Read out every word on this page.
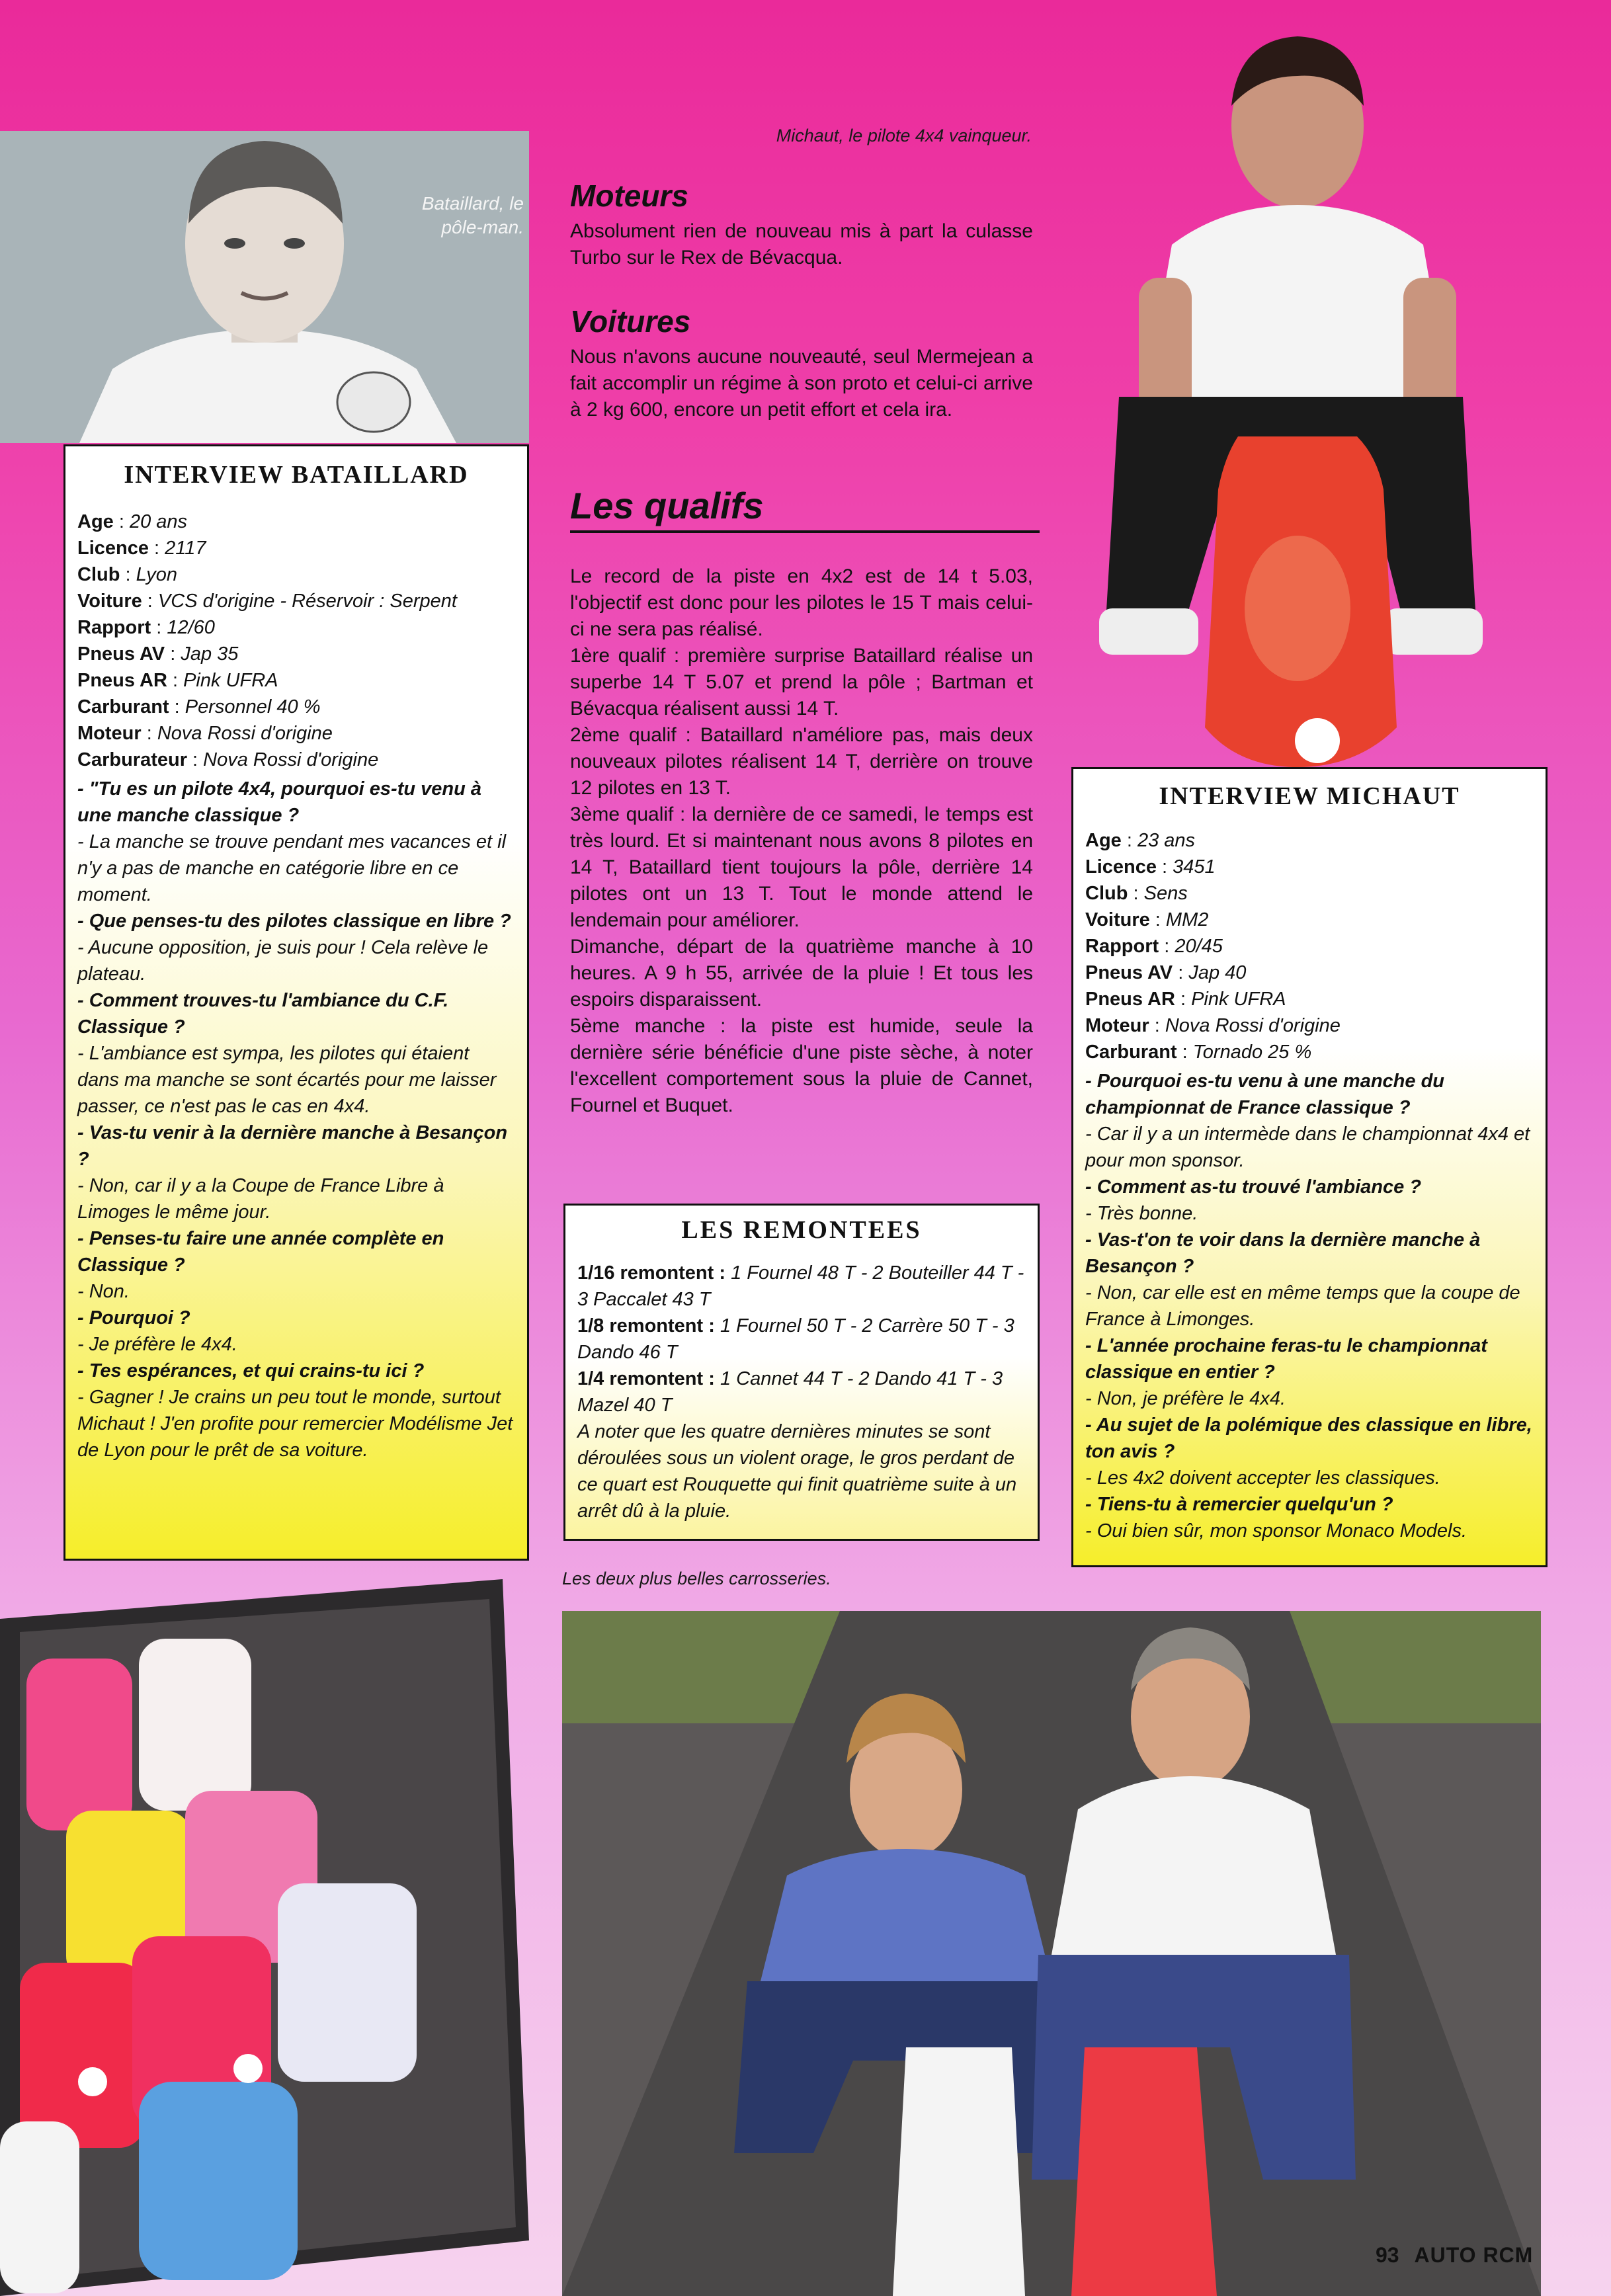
Bataillard, le pôle-man.
Michaut, le pilote 4x4 vainqueur.
Les deux plus belles carrosseries.
Moteurs
Absolument rien de nouveau mis à part la culasse Turbo sur le Rex de Bévacqua.
Voitures
Nous n'avons aucune nouveauté, seul Mermejean a fait accomplir un régime à son proto et celui-ci arrive à 2 kg 600, encore un petit effort et cela ira.
Les qualifs

Le record de la piste en 4x2 est de 14 t 5.03, l'objectif est donc pour les pilotes le 15 T mais celui-ci ne sera pas réalisé.

1ère qualif : première surprise Bataillard réalise un superbe 14 T 5.07 et prend la pôle ; Bartman et Bévacqua réalisent aussi 14 T.

2ème qualif : Bataillard n'améliore pas, mais deux nouveaux pilotes réalisent 14 T, derrière on trouve 12 pilotes en 13 T.

3ème qualif : la dernière de ce samedi, le temps est très lourd. Et si maintenant nous avons 8 pilotes en 14 T, Bataillard tient toujours la pôle, derrière 14 pilotes ont un 13 T. Tout le monde attend le lendemain pour améliorer.

Dimanche, départ de la quatrième manche à 10 heures. A 9 h 55, arrivée de la pluie ! Et tous les espoirs disparaissent.

5ème manche : la piste est humide, seule la dernière série bénéficie d'une piste sèche, à noter l'excellent comportement sous la pluie de Cannet, Fournel et Buquet.

INTERVIEW BATAILLARD
Age : 20 ans
Licence : 2117
Club : Lyon
Voiture : VCS d'origine - Réservoir : Serpent
Rapport : 12/60
Pneus AV : Jap 35
Pneus AR : Pink UFRA
Carburant : Personnel 40 %
Moteur : Nova Rossi d'origine
Carburateur : Nova Rossi d'origine
- "Tu es un pilote 4x4, pourquoi es-tu venu à une manche classique ?
- La manche se trouve pendant mes vacances et il n'y a pas de manche en catégorie libre en ce moment.
- Que penses-tu des pilotes classique en libre ?
- Aucune opposition, je suis pour ! Cela relève le plateau.
- Comment trouves-tu l'ambiance du C.F. Classique ?
- L'ambiance est sympa, les pilotes qui étaient dans ma manche se sont écartés pour me laisser passer, ce n'est pas le cas en 4x4.
- Vas-tu venir à la dernière manche à Besançon ?
- Non, car il y a la Coupe de France Libre à Limoges le même jour.
- Penses-tu faire une année complète en Classique ?
- Non.
- Pourquoi ?
- Je préfère le 4x4.
- Tes espérances, et qui crains-tu ici ?
- Gagner ! Je crains un peu tout le monde, surtout Michaut ! J'en profite pour remercier Modélisme Jet de Lyon pour le prêt de sa voiture.
INTERVIEW MICHAUT
Age : 23 ans
Licence : 3451
Club : Sens
Voiture : MM2
Rapport : 20/45
Pneus AV : Jap 40
Pneus AR : Pink UFRA
Moteur : Nova Rossi d'origine
Carburant : Tornado 25 %
- Pourquoi es-tu venu à une manche du championnat de France classique ?
- Car il y a un intermède dans le championnat 4x4 et pour mon sponsor.
- Comment as-tu trouvé l'ambiance ?
- Très bonne.
- Vas-t'on te voir dans la dernière manche à Besançon ?
- Non, car elle est en même temps que la coupe de France à Limonges.
- L'année prochaine feras-tu le championnat classique en entier ?
- Non, je préfère le 4x4.
- Au sujet de la polémique des classique en libre, ton avis ?
- Les 4x2 doivent accepter les classiques.
- Tiens-tu à remercier quelqu'un ?
- Oui bien sûr, mon sponsor Monaco Models.
LES REMONTEES
1/16 remontent : 1 Fournel 48 T - 2 Bouteiller 44 T - 3 Paccalet 43 T
1/8 remontent : 1 Fournel 50 T - 2 Carrère 50 T - 3 Dando 46 T
1/4 remontent : 1 Cannet 44 T - 2 Dando 41 T - 3 Mazel 40 T
A noter que les quatre dernières minutes se sont déroulées sous un violent orage, le gros perdant de ce quart est Rouquette qui finit quatrième suite à un arrêt dû à la pluie.
93 AUTO RCM
